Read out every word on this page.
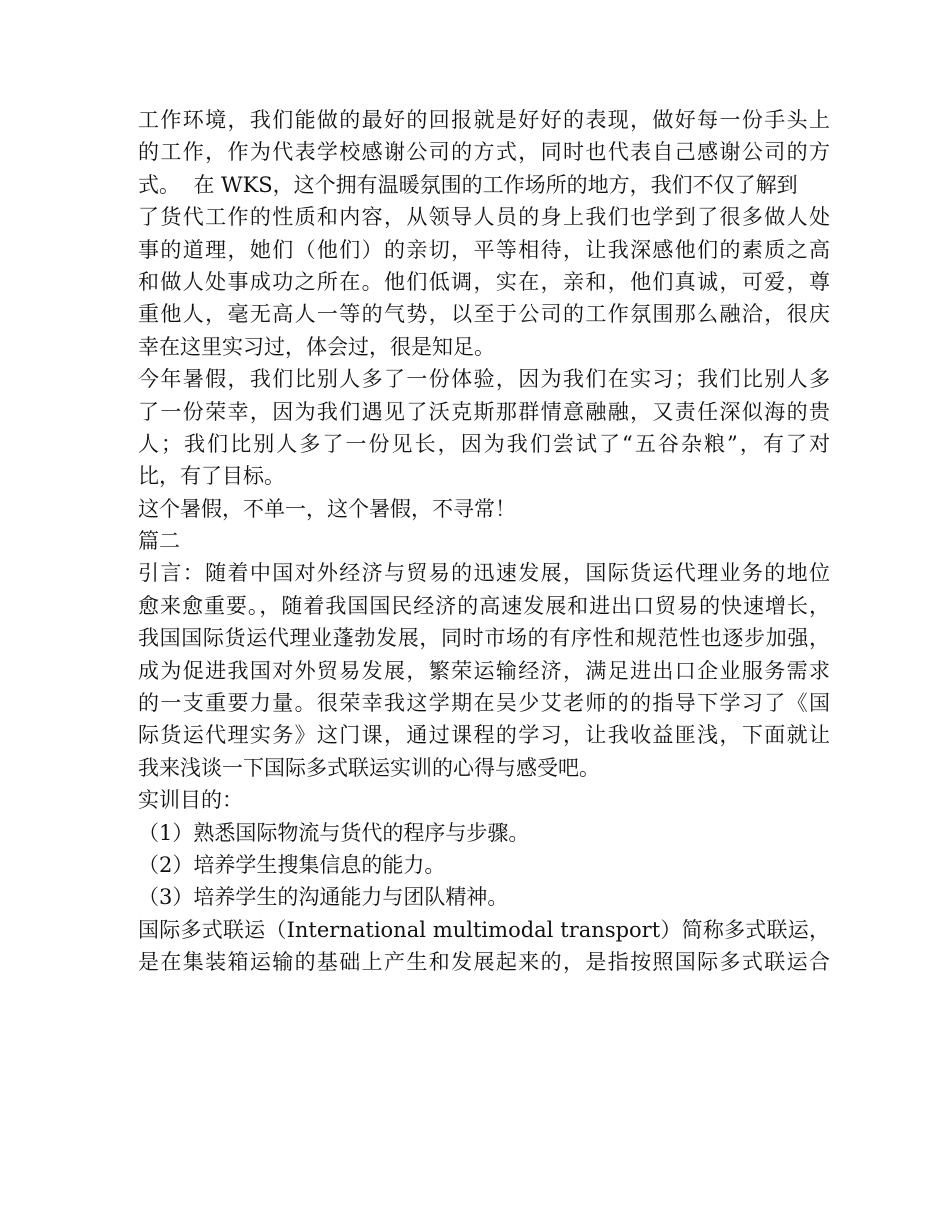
工作环境，我们能做的最好的回报就是好好的表现，做好每一份手头上
的工作，作为代表学校感谢公司的方式，同时也代表自己感谢公司的方
式。  在 WKS，这个拥有温暖氛围的工作场所的地方，我们不仅了解到
了货代工作的性质和内容，从领导人员的身上我们也学到了很多做人处
事的道理，她们（他们）的亲切，平等相待，让我深感他们的素质之高
和做人处事成功之所在。他们低调，实在，亲和，他们真诚，可爱，尊
重他人，毫无高人一等的气势，以至于公司的工作氛围那么融洽，很庆
幸在这里实习过，体会过，很是知足。
今年暑假，我们比别人多了一份体验，因为我们在实习；我们比别人多
了一份荣幸，因为我们遇见了沃克斯那群情意融融，又责任深似海的贵
人；我们比别人多了一份见长，因为我们尝试了“五谷杂粮”，有了对
比，有了目标。
这个暑假，不单一，这个暑假，不寻常！
篇二
引言：随着中国对外经济与贸易的迅速发展，国际货运代理业务的地位
愈来愈重要。，随着我国国民经济的高速发展和进出口贸易的快速增长，
我国国际货运代理业蓬勃发展，同时市场的有序性和规范性也逐步加强，
成为促进我国对外贸易发展，繁荣运输经济，满足进出口企业服务需求
的一支重要力量。很荣幸我这学期在吴少艾老师的的指导下学习了《国
际货运代理实务》这门课，通过课程的学习，让我收益匪浅，下面就让
我来浅谈一下国际多式联运实训的心得与感受吧。
实训目的：
（1）熟悉国际物流与货代的程序与步骤。
（2）培养学生搜集信息的能力。
（3）培养学生的沟通能力与团队精神。
国际多式联运（International multimodal transport）简称多式联运，
是在集装箱运输的基础上产生和发展起来的，是指按照国际多式联运合
